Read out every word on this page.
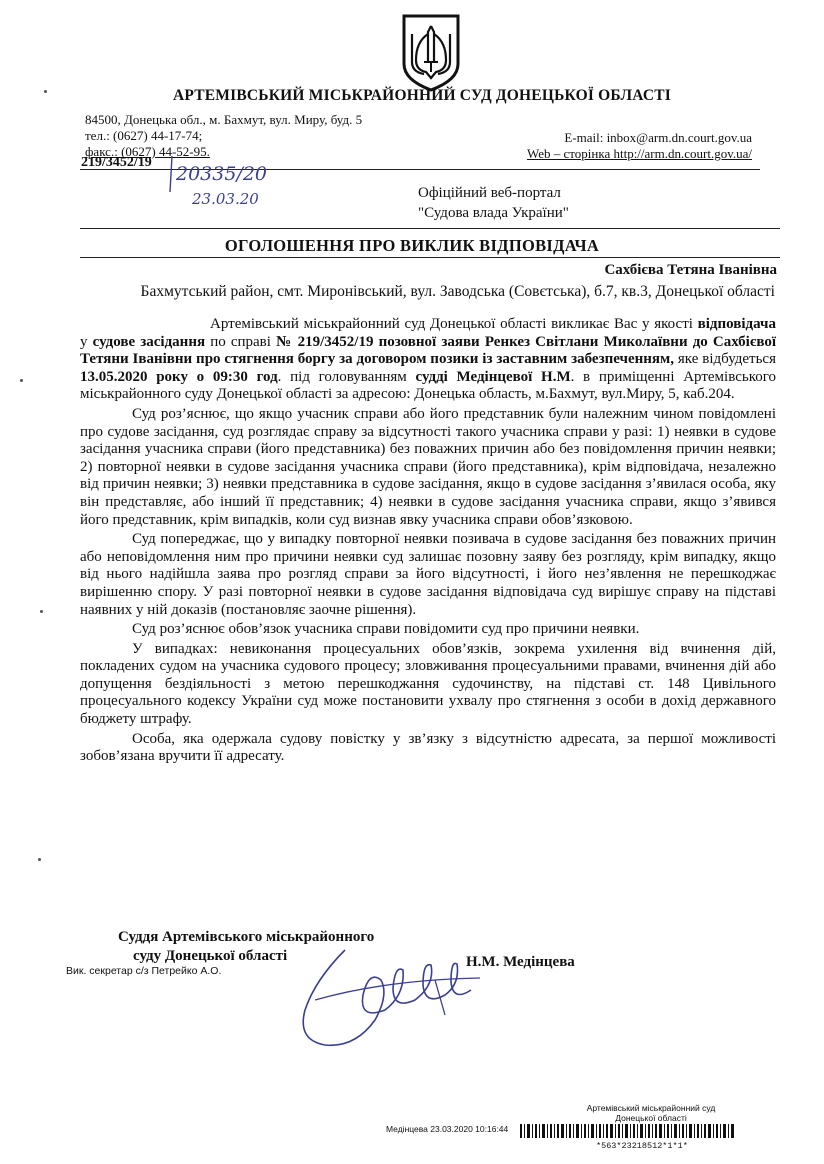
АРТЕМІВСЬКИЙ МІСЬКРАЙОННИЙ СУД ДОНЕЦЬКОЇ ОБЛАСТІ
84500, Донецька обл., м. Бахмут, вул. Миру, буд. 5
тел.: (0627) 44-17-74;
факс.: (0627) 44-52-95.
E-mail: inbox@arm.dn.court.gov.ua
Web – сторінка http://arm.dn.court.gov.ua/
219/3452/19
20335/20
23.03.20	Офіційний веб-портал
"Судова влада України"
ОГОЛОШЕННЯ ПРО ВИКЛИК ВІДПОВІДАЧА
Сахбієва Тетяна Іванівна
Бахмутський район, смт. Миронівський, вул. Заводська (Совєтська), б.7, кв.3, Донецької області

Артемівський міськрайонний суд Донецької області викликає Вас у якості відповідача у судове засідання по справі № 219/3452/19 позовної заяви Ренкез Світлани Миколаївни до Сахбієвої Тетяни Іванівни про стягнення боргу за договором позики із заставним забезпеченням, яке відбудеться 13.05.2020 року о 09:30 год. під головуванням судді Медінцевої Н.М. в приміщенні Артемівського міськрайонного суду Донецької області за адресою: Донецька область, м.Бахмут, вул.Миру, 5, каб.204.

Суд роз’яснює, що якщо учасник справи або його представник були належним чином повідомлені про судове засідання, суд розглядає справу за відсутності такого учасника справи у разі: 1) неявки в судове засідання учасника справи (його представника) без поважних причин або без повідомлення причин неявки; 2) повторної неявки в судове засідання учасника справи (його представника), крім відповідача, незалежно від причин неявки; 3) неявки представника в судове засідання, якщо в судове засідання з’явилася особа, яку він представляє, або інший її представник; 4) неявки в судове засідання учасника справи, якщо з’явився його представник, крім випадків, коли суд визнав явку учасника справи обов’язковою.

Суд попереджає, що у випадку повторної неявки позивача в судове засідання без поважних причин або неповідомлення ним про причини неявки суд залишає позовну заяву без розгляду, крім випадку, якщо від нього надійшла заява про розгляд справи за його відсутності, і його нез’явлення не перешкоджає вирішенню спору. У разі повторної неявки в судове засідання відповідача суд вирішує справу на підставі наявних у ній доказів (постановляє заочне рішення).

Суд роз’яснює обов’язок учасника справи повідомити суд про причини неявки.

У випадках: невиконання процесуальних обов’язків, зокрема ухилення від вчинення дій, покладених судом на учасника судового процесу; зловживання процесуальними правами, вчинення дій або допущення бездіяльності з метою перешкоджання судочинству, на підставі ст. 148 Цивільного процесуального кодексу України суд може постановити ухвалу про стягнення з особи в дохід державного бюджету штрафу.

Особа, яка одержала судову повістку у зв’язку з відсутністю адресата, за першої можливості зобов’язана вручити її адресату.

Суддя Артемівського міськрайонного
суду Донецької області
Вик. секретар с/з Петрейко А.О.
Н.М. Медінцева
Артемівський міськрайонний суд
Донецької області
Медінцева 23.03.2020 10:16:44
*563*23218512*1*1*
